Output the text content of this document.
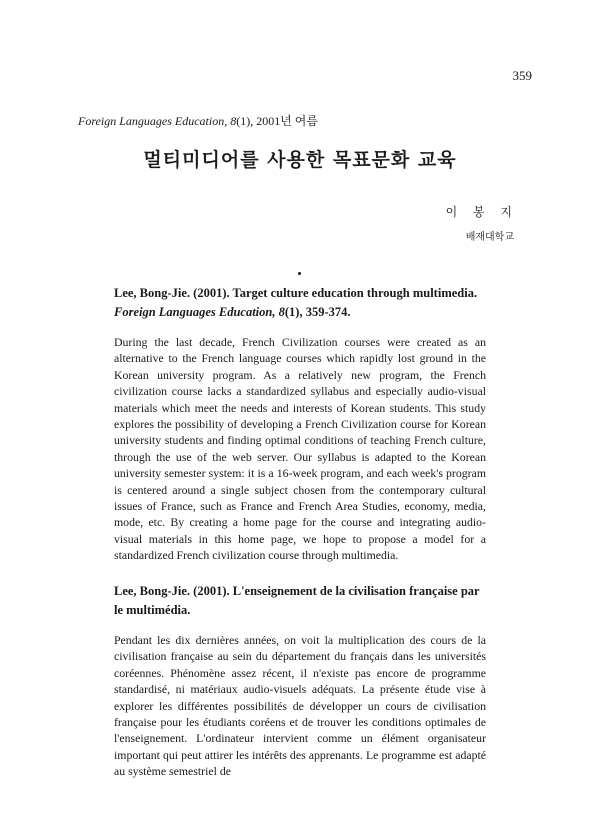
359
Foreign Languages Education, 8(1), 2001년 여름
멀티미디어를 사용한 목표문화 교육
이 봉 지
배재대학교
Lee, Bong-Jie. (2001). Target culture education through multimedia.
Foreign Languages Education, 8(1), 359-374.
During the last decade, French Civilization courses were created as an alternative to the French language courses which rapidly lost ground in the Korean university program. As a relatively new program, the French civilization course lacks a standardized syllabus and especially audio-visual materials which meet the needs and interests of Korean students. This study explores the possibility of developing a French Civilization course for Korean university students and finding optimal conditions of teaching French culture, through the use of the web server. Our syllabus is adapted to the Korean university semester system: it is a 16-week program, and each week's program is centered around a single subject chosen from the contemporary cultural issues of France, such as France and French Area Studies, economy, media, mode, etc. By creating a home page for the course and integrating audio-visual materials in this home page, we hope to propose a model for a standardized French civilization course through multimedia.
Lee, Bong-Jie. (2001). L'enseignement de la civilisation française par le multimédia.
Pendant les dix dernières années, on voit la multiplication des cours de la civilisation française au sein du département du français dans les universités coréennes. Phénomène assez récent, il n'existe pas encore de programme standardisé, ni matériaux audio-visuels adéquats. La présente étude vise à explorer les différentes possibilités de développer un cours de civilisation française pour les étudiants coréens et de trouver les conditions optimales de l'enseignement. L'ordinateur intervient comme un élément organisateur important qui peut attirer les intérêts des apprenants. Le programme est adapté au système semestriel de
